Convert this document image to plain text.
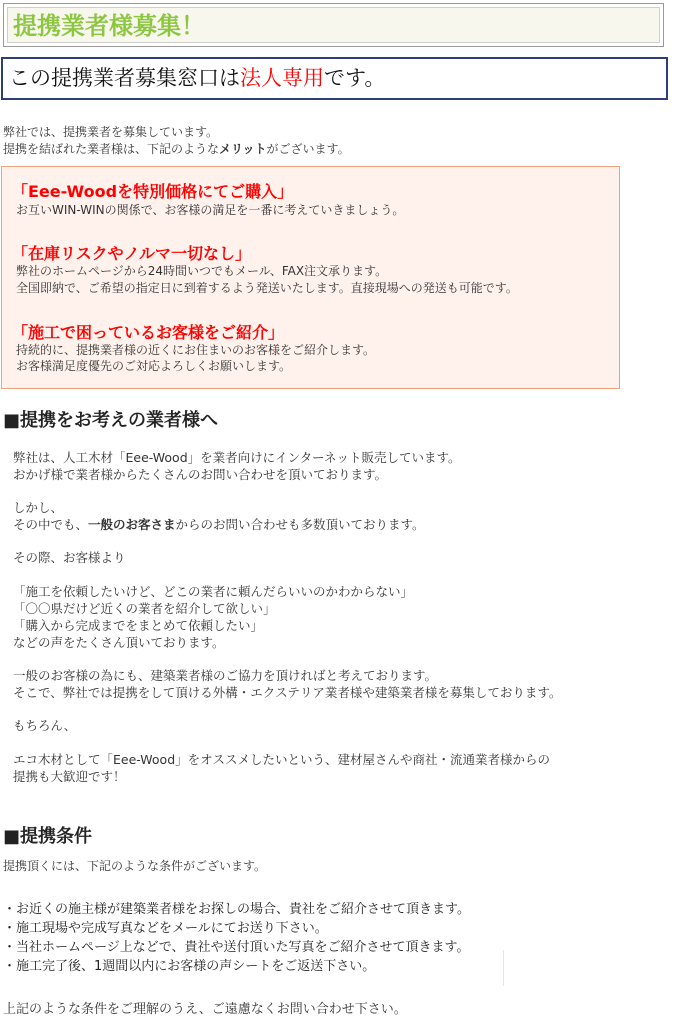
提携業者様募集！
この提携業者募集窓口は法人専用です。
弊社では、提携業者を募集しています。
提携を結ばれた業者様は、下記のようなメリットがございます。
「Eee-Woodを特別価格にてご購入」
お互いWIN-WINの関係で、お客様の満足を一番に考えていきましょう。
「在庫リスクやノルマ一切なし」
弊社のホームページから24時間いつでもメール、FAX注文承ります。
全国即納で、ご希望の指定日に到着するよう発送いたします。直接現場への発送も可能です。
「施工で困っているお客様をご紹介」
持続的に、提携業者様の近くにお住まいのお客様をご紹介します。
お客様満足度優先のご対応よろしくお願いします。
■提携をお考えの業者様へ
弊社は、人工木材「Eee-Wood」を業者向けにインターネット販売しています。
おかげ様で業者様からたくさんのお問い合わせを頂いております。
しかし、
その中でも、一般のお客さまからのお問い合わせも多数頂いております。
その際、お客様より
「施工を依頼したいけど、どこの業者に頼んだらいいのかわからない」
「〇〇県だけど近くの業者を紹介して欲しい」
「購入から完成までをまとめて依頼したい」
などの声をたくさん頂いております。
一般のお客様の為にも、建築業者様のご協力を頂ければと考えております。
そこで、弊社では提携をして頂ける外構・エクステリア業者様や建築業者様を募集しております。
もちろん、
エコ木材として「Eee-Wood」をオススメしたいという、建材屋さんや商社・流通業者様からの
提携も大歓迎です！
■提携条件
提携頂くには、下記のような条件がございます。
・お近くの施主様が建築業者様をお探しの場合、貴社をご紹介させて頂きます。
・施工現場や完成写真などをメールにてお送り下さい。
・当社ホームページ上などで、貴社や送付頂いた写真をご紹介させて頂きます。
・施工完了後、1週間以内にお客様の声シートをご返送下さい。
上記のような条件をご理解のうえ、ご遠慮なくお問い合わせ下さい。
